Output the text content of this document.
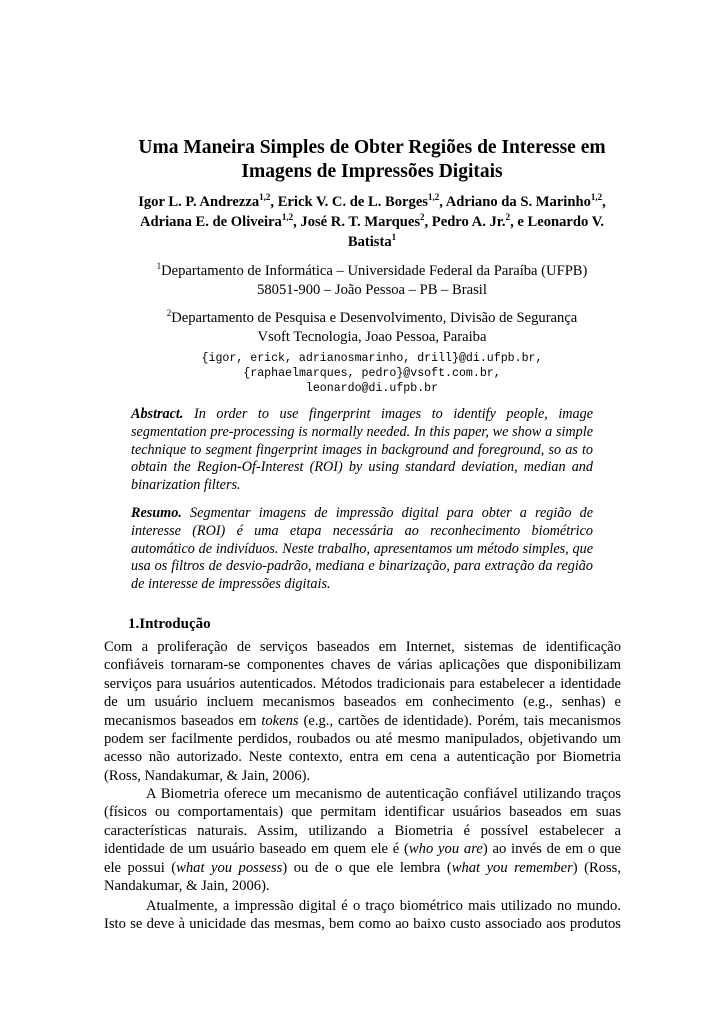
Uma Maneira Simples de Obter Regiões de Interesse em
Imagens de Impressões Digitais
Igor L. P. Andrezza$^{1,2}$, Erick V. C. de L. Borges$^{1,2}$, Adriano da S. Marinho$^{1,2}$,
Adriana E. de Oliveira$^{1,2}$, José R. T. Marques$^2$, Pedro A. Jr.$^2$, e Leonardo V.
Batista$^1$
$^1$Departamento de Informática – Universidade Federal da Paraíba (UFPB)
58051-900 – João Pessoa – PB – Brasil
$^2$Departamento de Pesquisa e Desenvolvimento, Divisão de Segurança
Vsoft Tecnologia, Joao Pessoa, Paraiba
{igor, erick, adrianosmarinho, drill}@di.ufpb.br,
{raphaelmarques, pedro}@vsoft.com.br,
leonardo@di.ufpb.br
Abstract. In order to use fingerprint images to identify people, image segmentation pre-processing is normally needed. In this paper, we show a simple technique to segment fingerprint images in background and foreground, so as to obtain the Region-Of-Interest (ROI) by using standard deviation, median and binarization filters.
Resumo. Segmentar imagens de impressão digital para obter a região de interesse (ROI) é uma etapa necessária ao reconhecimento biométrico automático de indivíduos. Neste trabalho, apresentamos um método simples, que usa os filtros de desvio-padrão, mediana e binarização, para extração da região de interesse de impressões digitais.
1.Introdução
Com a proliferação de serviços baseados em Internet, sistemas de identificação confiáveis tornaram-se componentes chaves de várias aplicações que disponibilizam serviços para usuários autenticados. Métodos tradicionais para estabelecer a identidade de um usuário incluem mecanismos baseados em conhecimento (e.g., senhas) e mecanismos baseados em tokens (e.g., cartões de identidade). Porém, tais mecanismos podem ser facilmente perdidos, roubados ou até mesmo manipulados, objetivando um acesso não autorizado. Neste contexto, entra em cena a autenticação por Biometria (Ross, Nandakumar, & Jain, 2006).
A Biometria oferece um mecanismo de autenticação confiável utilizando traços (físicos ou comportamentais) que permitam identificar usuários baseados em suas características naturais. Assim, utilizando a Biometria é possível estabelecer a identidade de um usuário baseado em quem ele é (who you are) ao invés de em o que ele possui (what you possess) ou de o que ele lembra (what you remember) (Ross, Nandakumar, & Jain, 2006).
Atualmente, a impressão digital é o traço biométrico mais utilizado no mundo. Isto se deve à unicidade das mesmas, bem como ao baixo custo associado aos produtos
